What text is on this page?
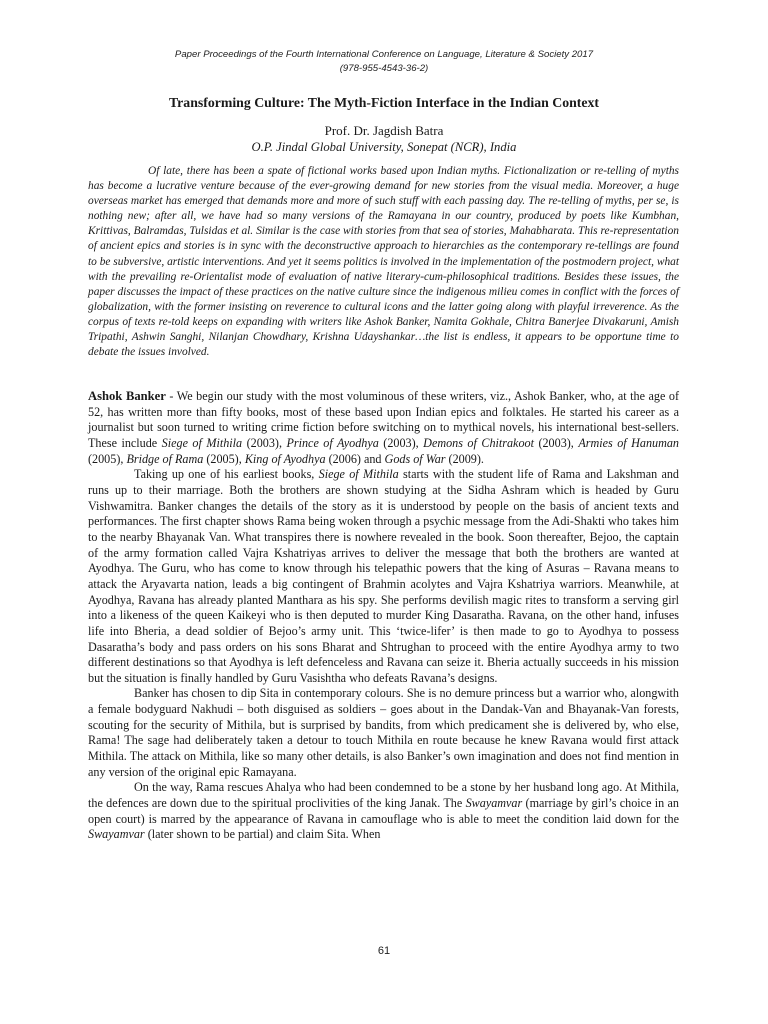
Paper Proceedings of the Fourth International Conference on Language, Literature & Society 2017
(978-955-4543-36-2)
Transforming Culture: The Myth-Fiction Interface in the Indian Context
Prof. Dr. Jagdish Batra
O.P. Jindal Global University, Sonepat (NCR), India

Of late, there has been a spate of fictional works based upon Indian myths. Fictionalization or re-telling of myths has become a lucrative venture because of the ever-growing demand for new stories from the visual media. Moreover, a huge overseas market has emerged that demands more and more of such stuff with each passing day. The re-telling of myths, per se, is nothing new; after all, we have had so many versions of the Ramayana in our country, produced by poets like Kumbhan, Krittivas, Balramdas, Tulsidas et al. Similar is the case with stories from that sea of stories, Mahabharata. This re-representation of ancient epics and stories is in sync with the deconstructive approach to hierarchies as the contemporary re-tellings are found to be subversive, artistic interventions. And yet it seems politics is involved in the implementation of the postmodern project, what with the prevailing re-Orientalist mode of evaluation of native literary-cum-philosophical traditions. Besides these issues, the paper discusses the impact of these practices on the native culture since the indigenous milieu comes in conflict with the forces of globalization, with the former insisting on reverence to cultural icons and the latter going along with playful irreverence. As the corpus of texts re-told keeps on expanding with writers like Ashok Banker, Namita Gokhale, Chitra Banerjee Divakaruni, Amish Tripathi, Ashwin Sanghi, Nilanjan Chowdhary, Krishna Udayshankar…the list is endless, it appears to be opportune time to debate the issues involved.

Ashok Banker - We begin our study with the most voluminous of these writers, viz., Ashok Banker, who, at the age of 52, has written more than fifty books, most of these based upon Indian epics and folktales. He started his career as a journalist but soon turned to writing crime fiction before switching on to mythical novels, his international best-sellers. These include Siege of Mithila (2003), Prince of Ayodhya (2003), Demons of Chitrakoot (2003), Armies of Hanuman (2005), Bridge of Rama (2005), King of Ayodhya (2006) and Gods of War (2009).

Taking up one of his earliest books, Siege of Mithila starts with the student life of Rama and Lakshman and runs up to their marriage. Both the brothers are shown studying at the Sidha Ashram which is headed by Guru Vishwamitra. Banker changes the details of the story as it is understood by people on the basis of ancient texts and performances. The first chapter shows Rama being woken through a psychic message from the Adi-Shakti who takes him to the nearby Bhayanak Van. What transpires there is nowhere revealed in the book. Soon thereafter, Bejoo, the captain of the army formation called Vajra Kshatriyas arrives to deliver the message that both the brothers are wanted at Ayodhya. The Guru, who has come to know through his telepathic powers that the king of Asuras – Ravana means to attack the Aryavarta nation, leads a big contingent of Brahmin acolytes and Vajra Kshatriya warriors. Meanwhile, at Ayodhya, Ravana has already planted Manthara as his spy. She performs devilish magic rites to transform a serving girl into a likeness of the queen Kaikeyi who is then deputed to murder King Dasaratha. Ravana, on the other hand, infuses life into Bheria, a dead soldier of Bejoo’s army unit. This ‘twice-lifer’ is then made to go to Ayodhya to possess Dasaratha’s body and pass orders on his sons Bharat and Shtrughan to proceed with the entire Ayodhya army to two different destinations so that Ayodhya is left defenceless and Ravana can seize it. Bheria actually succeeds in his mission but the situation is finally handled by Guru Vasishtha who defeats Ravana’s designs.

Banker has chosen to dip Sita in contemporary colours. She is no demure princess but a warrior who, alongwith a female bodyguard Nakhudi – both disguised as soldiers – goes about in the Dandak-Van and Bhayanak-Van forests, scouting for the security of Mithila, but is surprised by bandits, from which predicament she is delivered by, who else, Rama! The sage had deliberately taken a detour to touch Mithila en route because he knew Ravana would first attack Mithila. The attack on Mithila, like so many other details, is also Banker’s own imagination and does not find mention in any version of the original epic Ramayana.

On the way, Rama rescues Ahalya who had been condemned to be a stone by her husband long ago. At Mithila, the defences are down due to the spiritual proclivities of the king Janak. The Swayamvar (marriage by girl’s choice in an open court) is marred by the appearance of Ravana in camouflage who is able to meet the condition laid down for the Swayamvar (later shown to be partial) and claim Sita. When

61
